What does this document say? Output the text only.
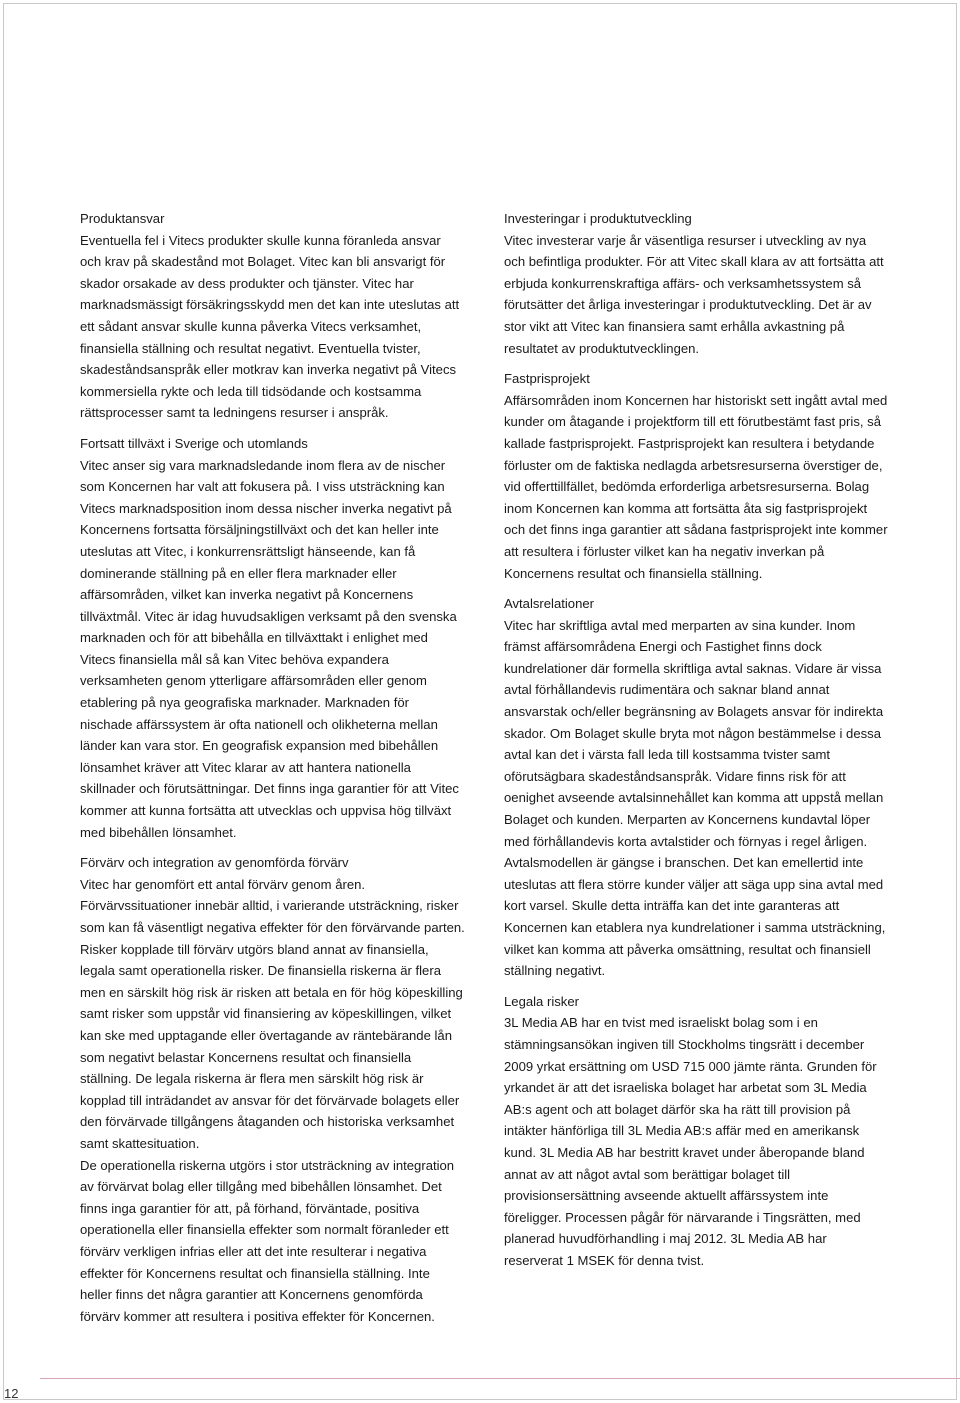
Produktansvar

Eventuella fel i Vitecs produkter skulle kunna föranleda ansvar och krav på skadestånd mot Bolaget. Vitec kan bli ansvarigt för skador orsakade av dess produkter och tjänster. Vitec har marknadsmässigt försäkringsskydd men det kan inte uteslutas att ett sådant ansvar skulle kunna påverka Vitecs verksamhet, finansiella ställning och resultat negativt. Eventuella tvister, skadeståndsanspråk eller motkrav kan inverka negativt på Vitecs kommersiella rykte och leda till tidsödande och kostsamma rättsprocesser samt ta ledningens resurser i anspråk.

Fortsatt tillväxt i Sverige och utomlands

Vitec anser sig vara marknadsledande inom flera av de nischer som Koncernen har valt att fokusera på. I viss utsträckning kan Vitecs marknadsposition inom dessa nischer inverka negativt på Koncernens fortsatta försäljningstillväxt och det kan heller inte uteslutas att Vitec, i konkurrensrättsligt hänseende, kan få dominerande ställning på en eller flera marknader eller affärsområden, vilket kan inverka negativt på Koncernens tillväxtmål. Vitec är idag huvudsakligen verksamt på den svenska marknaden och för att bibehålla en tillväxttakt i enlighet med Vitecs finansiella mål så kan Vitec behöva expandera verksamheten genom ytterligare affärsområden eller genom etablering på nya geografiska marknader. Marknaden för nischade affärssystem är ofta nationell och olikheterna mellan länder kan vara stor. En geografisk expansion med bibehållen lönsamhet kräver att Vitec klarar av att hantera nationella skillnader och förutsättningar. Det finns inga garantier för att Vitec kommer att kunna fortsätta att utvecklas och uppvisa hög tillväxt med bibehållen lönsamhet.

Förvärv och integration av genomförda förvärv

Vitec har genomfört ett antal förvärv genom åren. Förvärvssituationer innebär alltid, i varierande utsträckning, risker som kan få väsentligt negativa effekter för den förvärvande parten. Risker kopplade till förvärv utgörs bland annat av finansiella, legala samt operationella risker. De finansiella riskerna är flera men en särskilt hög risk är risken att betala en för hög köpeskilling samt risker som uppstår vid finansiering av köpeskillingen, vilket kan ske med upptagande eller övertagande av räntebärande lån som negativt belastar Koncernens resultat och finansiella ställning. De legala riskerna är flera men särskilt hög risk är kopplad till inträdandet av ansvar för det förvärvade bolagets eller den förvärvade tillgångens åtaganden och historiska verksamhet samt skattesituation.

De operationella riskerna utgörs i stor utsträckning av integration av förvärvat bolag eller tillgång med bibehållen lönsamhet. Det finns inga garantier för att, på förhand, förväntade, positiva operationella eller finansiella effekter som normalt föranleder ett förvärv verkligen infrias eller att det inte resulterar i negativa effekter för Koncernens resultat och finansiella ställning. Inte heller finns det några garantier att Koncernens genomförda förvärv kommer att resultera i positiva effekter för Koncernen.

Investeringar i produktutveckling

Vitec investerar varje år väsentliga resurser i utveckling av nya och befintliga produkter. För att Vitec skall klara av att fortsätta att erbjuda konkurrenskraftiga affärs- och verksamhetssystem så förutsätter det årliga investeringar i produktutveckling. Det är av stor vikt att Vitec kan finansiera samt erhålla avkastning på resultatet av produktutvecklingen.

Fastprisprojekt

Affärsområden inom Koncernen har historiskt sett ingått avtal med kunder om åtagande i projektform till ett förutbestämt fast pris, så kallade fastprisprojekt. Fastprisprojekt kan resultera i betydande förluster om de faktiska nedlagda arbetsresurserna överstiger de, vid offerttillfället, bedömda erforderliga arbetsresurserna. Bolag inom Koncernen kan komma att fortsätta åta sig fastprisprojekt och det finns inga garantier att sådana fastprisprojekt inte kommer att resultera i förluster vilket kan ha negativ inverkan på Koncernens resultat och finansiella ställning.

Avtalsrelationer

Vitec har skriftliga avtal med merparten av sina kunder. Inom främst affärsområdena Energi och Fastighet finns dock kundrelationer där formella skriftliga avtal saknas. Vidare är vissa avtal förhållandevis rudimentära och saknar bland annat ansvarstak och/eller begränsning av Bolagets ansvar för indirekta skador. Om Bolaget skulle bryta mot någon bestämmelse i dessa avtal kan det i värsta fall leda till kostsamma tvister samt oförutsägbara skadeståndsanspråk. Vidare finns risk för att oenighet avseende avtalsinnehållet kan komma att uppstå mellan Bolaget och kunden. Merparten av Koncernens kundavtal löper med förhållandevis korta avtalstider och förnyas i regel årligen. Avtalsmodellen är gängse i branschen. Det kan emellertid inte uteslutas att flera större kunder väljer att säga upp sina avtal med kort varsel. Skulle detta inträffa kan det inte garanteras att Koncernen kan etablera nya kundrelationer i samma utsträckning, vilket kan komma att påverka omsättning, resultat och finansiell ställning negativt.

Legala risker

3L Media AB har en tvist med israeliskt bolag som i en stämningsansökan ingiven till Stockholms tingsrätt i december 2009 yrkat ersättning om USD 715 000 jämte ränta. Grunden för yrkandet är att det israeliska bolaget har arbetat som 3L Media AB:s agent och att bolaget därför ska ha rätt till provision på intäkter hänförliga till 3L Media AB:s affär med en amerikansk kund. 3L Media AB har bestritt kravet under åberopande bland annat av att något avtal som berättigar bolaget till provisionsersättning avseende aktuellt affärssystem inte föreligger. Processen pågår för närvarande i Tingsrätten, med planerad huvudförhandling i maj 2012. 3L Media AB har reserverat 1 MSEK för denna tvist.

12
